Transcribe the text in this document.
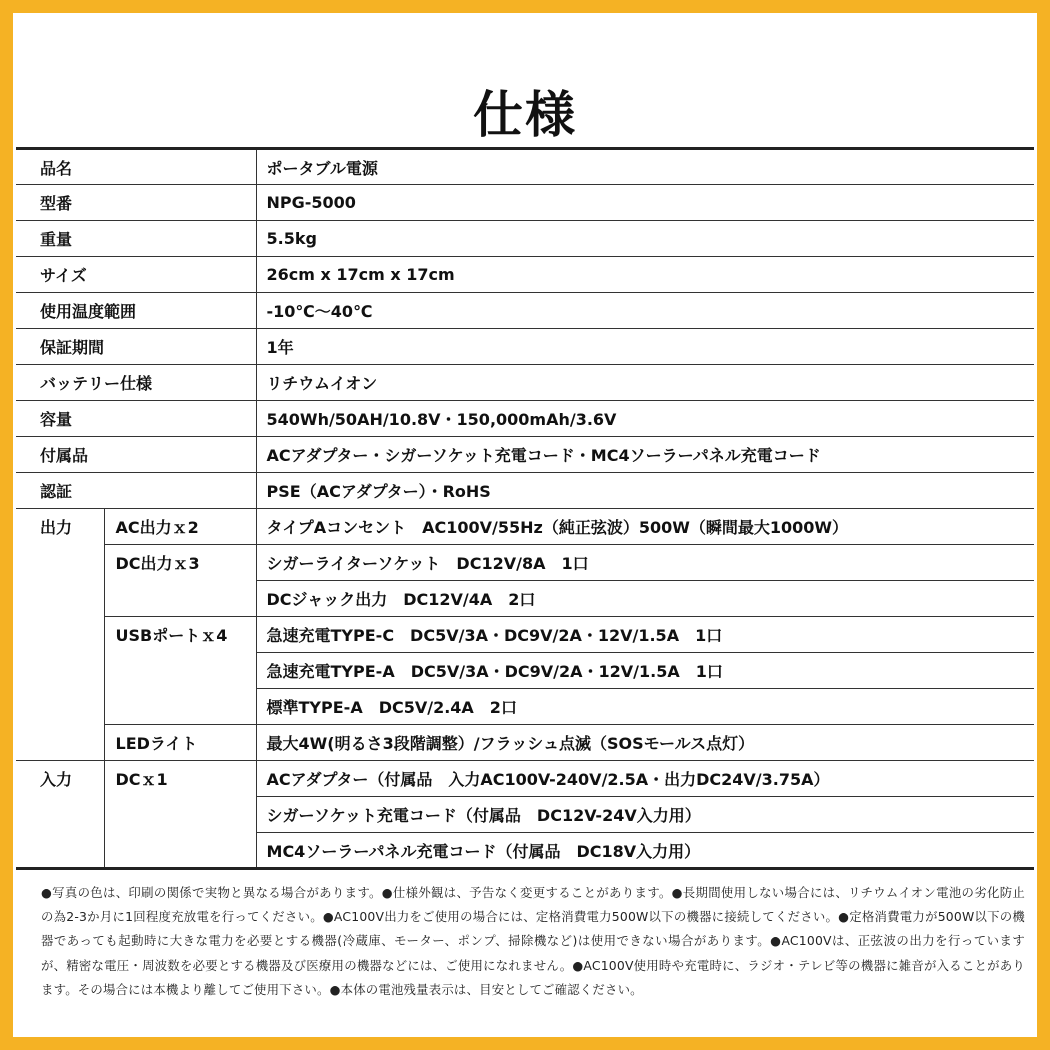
仕様
品名		ポータブル電源
型番		NPG-5000
重量		5.5kg
サイズ		26cm x 17cm x 17cm
使用温度範囲		-10℃～40℃
保証期間		1年
バッテリー仕様		リチウムイオン
容量		540Wh/50AH/10.8V・150,000mAh/3.6V
付属品		ACアダプター・シガーソケット充電コード・MC4ソーラーパネル充電コード
認証		PSE（ACアダプター）・RoHS
出力	AC出力ｘ2	タイプAコンセント　AC100V/55Hz（純正弦波）500W（瞬間最大1000W）
	DC出力ｘ3	シガーライターソケット　DC12V/8A　1口
		DCジャック出力　DC12V/4A　2口
	USBポートｘ4	急速充電TYPE-C　DC5V/3A・DC9V/2A・12V/1.5A　1口
		急速充電TYPE-A　DC5V/3A・DC9V/2A・12V/1.5A　1口
		標準TYPE-A　DC5V/2.4A　2口
	LEDライト	最大4W(明るさ3段階調整）/フラッシュ点滅（SOSモールス点灯）
入力	DCｘ1	ACアダプター（付属品　入力AC100V-240V/2.5A・出力DC24V/3.75A）
		シガーソケット充電コード（付属品　DC12V-24V入力用）
		MC4ソーラーパネル充電コード（付属品　DC18V入力用）
●写真の色は、印刷の関係で実物と異なる場合があります。●仕様外観は、予告なく変更することがあります。●長期間使用しない場合には、リチウムイオン電池の劣化防止の為2-3か月に1回程度充放電を行ってください。●AC100V出力をご使用の場合には、定格消費電力500W以下の機器に接続してください。●定格消費電力が500W以下の機器であっても起動時に大きな電力を必要とする機器(冷蔵庫、モーター、ポンプ、掃除機など)は使用できない場合があります。●AC100Vは、正弦波の出力を行っていますが、精密な電圧・周波数を必要とする機器及び医療用の機器などには、ご使用になれません。●AC100V使用時や充電時に、ラジオ・テレビ等の機器に雑音が入ることがあります。その場合には本機より離してご使用下さい。●本体の電池残量表示は、目安としてご確認ください。
